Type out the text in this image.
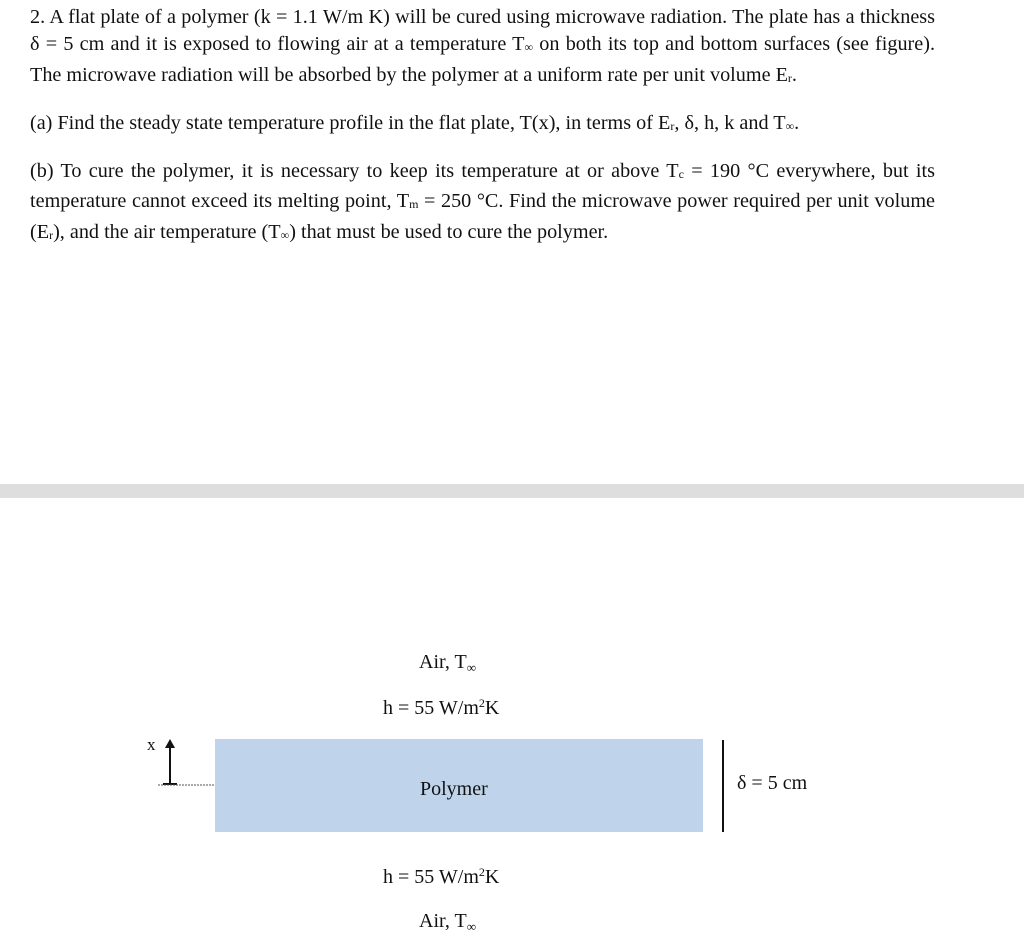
2. A flat plate of a polymer (k = 1.1 W/m K) will be cured using microwave radiation. The plate has a thickness δ = 5 cm and it is exposed to flowing air at a temperature T∞ on both its top and bottom surfaces (see figure). The microwave radiation will be absorbed by the polymer at a uniform rate per unit volume Er.

(a) Find the steady state temperature profile in the flat plate, T(x), in terms of Er, δ, h, k and T∞.

(b) To cure the polymer, it is necessary to keep its temperature at or above Tc = 190 °C everywhere, but its temperature cannot exceed its melting point, Tm = 250 °C. Find the microwave power required per unit volume (Er), and the air temperature (T∞) that must be used to cure the polymer.

Air, $T_\infty$
h = 55 $W/m^2K$
x
Polymer	δ = 5 cm
h = 55 $W/m^2K$
Air, $T_\infty$
